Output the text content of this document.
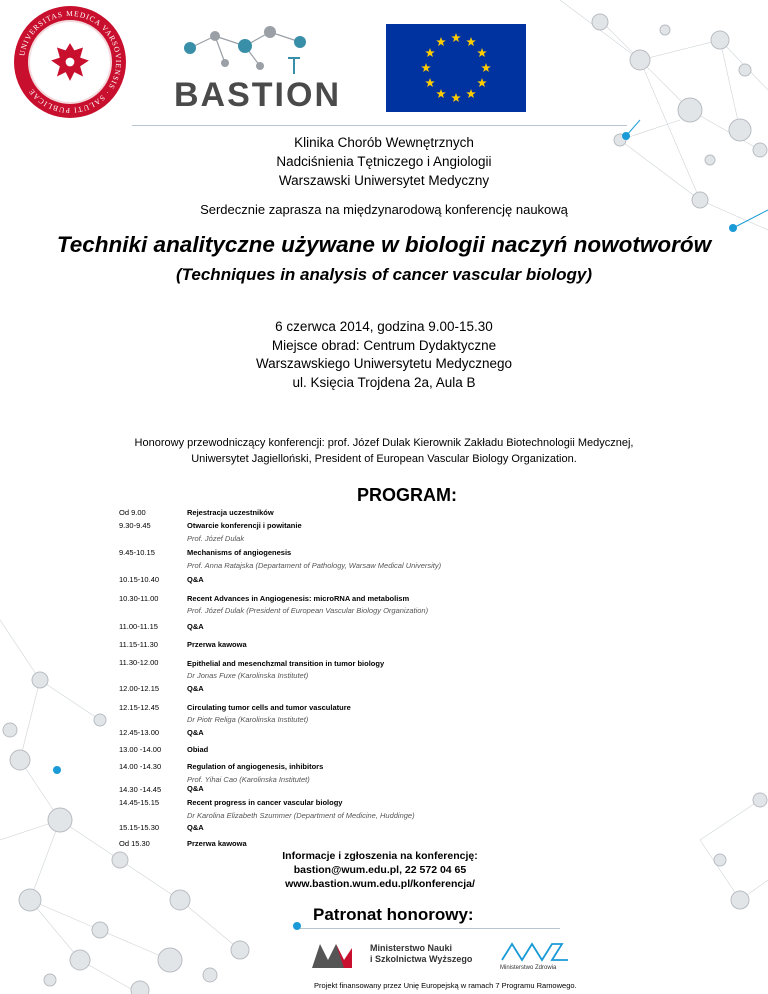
UNIVERSITAS MEDICA VARSOVIENSIS · SALUTI PUBLICAE	BASTION
Klinika Chorób Wewnętrznych
Nadciśnienia Tętniczego i Angiologii
Warszawski Uniwersytet Medyczny
Serdecznie zaprasza na międzynarodową konferencję naukową
Techniki analityczne używane w biologii naczyń nowotworów
(Techniques in analysis of cancer vascular biology)
6 czerwca 2014, godzina 9.00-15.30
Miejsce obrad: Centrum Dydaktyczne
Warszawskiego Uniwersytetu Medycznego
ul. Księcia Trojdena 2a, Aula B
Honorowy przewodniczący konferencji: prof. Józef Dulak Kierownik Zakładu Biotechnologii Medycznej,
Uniwersytet Jagielloński, President of European Vascular Biology Organization.
PROGRAM:
Od 9.00	Rejestracja uczestników
9.30-9.45	Otwarcie konferencji i powitanie
Prof. Józef Dulak
9.45-10.15	Mechanisms of angiogenesis
Prof. Anna Ratajska (Departament of Pathology, Warsaw Medical University)
10.15-10.40	Q&A
10.30-11.00	Recent Advances in Angiogenesis: microRNA and metabolism
Prof. Józef Dulak (President of European Vascular Biology Organization)
11.00-11.15	Q&A
11.15-11.30	Przerwa kawowa
11.30-12.00	Epithelial and mesenchzmal transition in tumor biology
Dr Jonas Fuxe (Karolinska Institutet)
12.00-12.15	Q&A
12.15-12.45	Circulating tumor cells and tumor vasculature
Dr Piotr Religa (Karolinska Institutet)
12.45-13.00	Q&A
13.00 -14.00	Obiad
14.00 -14.30	Regulation of angiogenesis, inhibitors
Prof. Yihai Cao (Karolinska Institutet)
14.30 -14.45	Q&A
14.45-15.15	Recent progress in cancer vascular biology
Dr Karolina Elizabeth Szummer (Department of Medicine, Huddinge)
15.15-15.30	Q&A
Od 15.30	Przerwa kawowa
Informacje i zgłoszenia na konferencję:
bastion@wum.edu.pl, 22 572 04 65
www.bastion.wum.edu.pl/konferencja/
Patronat honorowy:
Ministerstwo Nauki
i Szkolnictwa Wyższego
Ministerstwo Zdrowia
Projekt finansowany przez Unię Europejską w ramach 7 Programu Ramowego.
